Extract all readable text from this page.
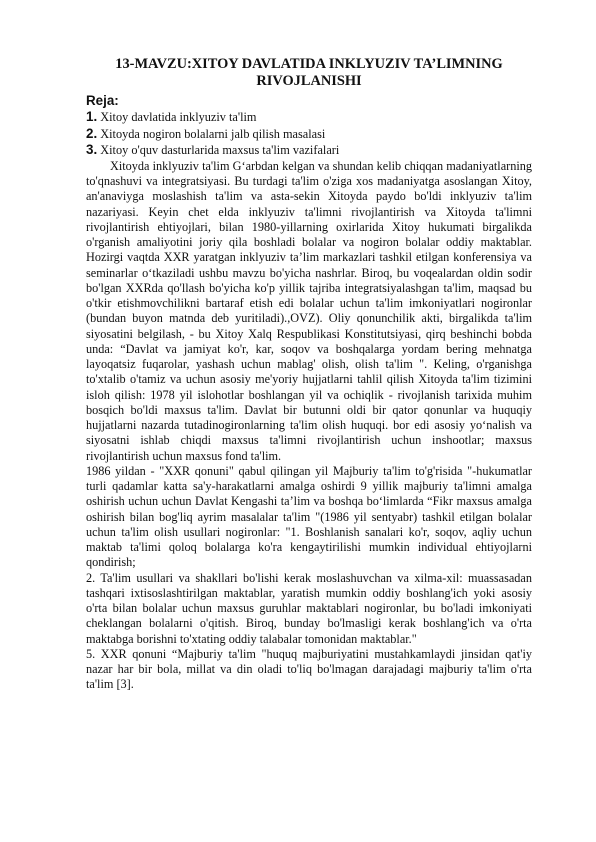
13-MAVZU:XITOY DAVLATIDA INKLYUZIV TA’LIMNING RIVOJLANISHI

Reja:

1. Xitoy davlatida inklyuziv ta'lim

2. Xitoyda nogiron bolalarni jalb qilish masalasi

3. Xitoy o'quv dasturlarida maxsus ta'lim vazifalari

Xitoyda inklyuziv ta'lim G‘arbdan kelgan va shundan kelib chiqqan madaniyatlarning to'qnashuvi va integratsiyasi. Bu turdagi ta'lim o'ziga xos madaniyatga asoslangan Xitoy, an'anaviyga moslashish ta'lim va asta-sekin Xitoyda paydo bo'ldi inklyuziv ta'lim nazariyasi. Keyin chet elda inklyuziv ta'limni rivojlantirish va Xitoyda ta'limni rivojlantirish ehtiyojlari, bilan 1980-yillarning oxirlarida Xitoy hukumati birgalikda o'rganish amaliyotini joriy qila boshladi bolalar va nogiron bolalar oddiy maktablar. Hozirgi vaqtda XXR yaratgan inklyuziv ta’lim markazlari tashkil etilgan konferensiya va seminarlar o‘tkaziladi ushbu mavzu bo'yicha nashrlar. Biroq, bu voqealardan oldin sodir bo'lgan XXRda qo'llash bo'yicha ko'p yillik tajriba integratsiyalashgan ta'lim, maqsad bu o'tkir etishmovchilikni bartaraf etish edi bolalar uchun ta'lim imkoniyatlari nogironlar (bundan buyon matnda deb yuritiladi).,OVZ). Oliy qonunchilik akti, birgalikda ta'lim siyosatini belgilash, - bu Xitoy Xalq Respublikasi Konstitutsiyasi, qirq beshinchi bobda unda: “Davlat va jamiyat ko'r, kar, soqov va boshqalarga yordam bering mehnatga layoqatsiz fuqarolar, yashash uchun mablag' olish, olish ta'lim ". Keling, o'rganishga to'xtalib o'tamiz va uchun asosiy me'yoriy hujjatlarni tahlil qilish Xitoyda ta'lim tizimini isloh qilish: 1978 yil islohotlar boshlangan yil va ochiqlik - rivojlanish tarixida muhim bosqich bo'ldi maxsus ta'lim. Davlat bir butunni oldi bir qator qonunlar va huquqiy hujjatlarni nazarda tutadinogironlarning ta'lim olish huquqi. bor edi asosiy yo‘nalish va siyosatni ishlab chiqdi maxsus ta'limni rivojlantirish uchun inshootlar; maxsus rivojlantirish uchun maxsus fond ta'lim.

1986 yildan - "XXR qonuni" qabul qilingan yil Majburiy ta'lim to'g'risida "-hukumatlar turli qadamlar katta sa'y-harakatlarni amalga oshirdi 9 yillik majburiy ta'limni amalga oshirish uchun uchun Davlat Kengashi ta’lim va boshqa bo‘limlarda “Fikr maxsus amalga oshirish bilan bog'liq ayrim masalalar ta'lim "(1986 yil sentyabr) tashkil etilgan bolalar uchun ta'lim olish usullari nogironlar: "1. Boshlanish sanalari ko'r, soqov, aqliy uchun maktab ta'limi qoloq bolalarga ko'ra kengaytirilishi mumkin individual ehtiyojlarni qondirish;

2. Ta'lim usullari va shakllari bo'lishi kerak moslashuvchan va xilma-xil: muassasadan tashqari ixtisoslashtirilgan maktablar, yaratish mumkin oddiy boshlang'ich yoki asosiy o'rta bilan bolalar uchun maxsus guruhlar maktablari nogironlar, bu bo'ladi imkoniyati cheklangan bolalarni o'qitish. Biroq, bunday bo'lmasligi kerak boshlang'ich va o'rta maktabga borishni to'xtating oddiy talabalar tomonidan maktablar."

5. XXR qonuni “Majburiy ta'lim "huquq majburiyatini mustahkamlaydi jinsidan qat'iy nazar har bir bola, millat va din oladi to'liq bo'lmagan darajadagi majburiy ta'lim o'rta ta'lim [3].
